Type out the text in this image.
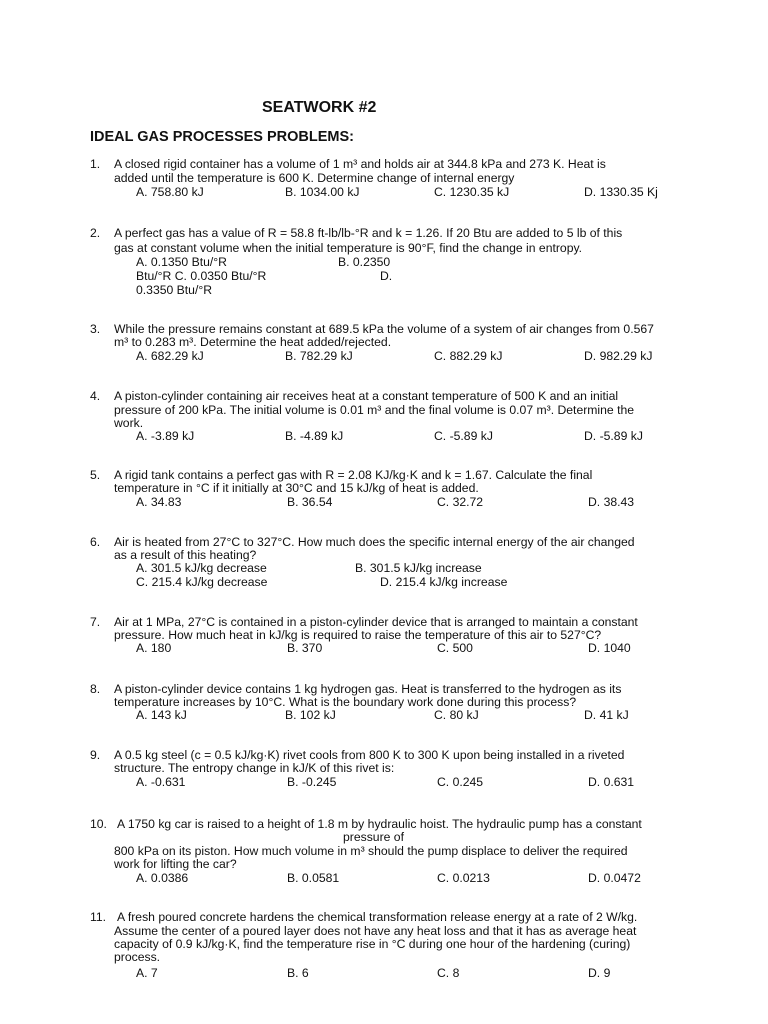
SEATWORK #2
IDEAL GAS PROCESSES PROBLEMS:
1. A closed rigid container has a volume of 1 m³ and holds air at 344.8 kPa and 273 K. Heat is
added until the temperature is 600 K. Determine change of internal energy
A. 758.80 kJ	B. 1034.00 kJ	C. 1230.35 kJ	D. 1330.35 Kj
2. A perfect gas has a value of R = 58.8 ft-lb/lb-°R and k = 1.26. If 20 Btu are added to 5 lb of this
gas at constant volume when the initial temperature is 90°F, find the change in entropy.
A. 0.1350 Btu/°R	B. 0.2350
Btu/°R C. 0.0350 Btu/°R	D.
0.3350 Btu/°R
3. While the pressure remains constant at 689.5 kPa the volume of a system of air changes from 0.567
m³ to 0.283 m³. Determine the heat added/rejected.
A. 682.29 kJ	B. 782.29 kJ	C. 882.29 kJ	D. 982.29 kJ
4. A piston-cylinder containing air receives heat at a constant temperature of 500 K and an initial
pressure of 200 kPa. The initial volume is 0.01 m³ and the final volume is 0.07 m³. Determine the
work.
A. -3.89 kJ	B. -4.89 kJ	C. -5.89 kJ	D. -5.89 kJ
5. A rigid tank contains a perfect gas with R = 2.08 KJ/kg·K and k = 1.67. Calculate the final
temperature in °C if it initially at 30°C and 15 kJ/kg of heat is added.
A. 34.83	B. 36.54	C. 32.72	D. 38.43
6. Air is heated from 27°C to 327°C. How much does the specific internal energy of the air changed
as a result of this heating?
A. 301.5 kJ/kg decrease	B. 301.5 kJ/kg increase
C. 215.4 kJ/kg decrease	D. 215.4 kJ/kg increase
7. Air at 1 MPa, 27°C is contained in a piston-cylinder device that is arranged to maintain a constant
pressure. How much heat in kJ/kg is required to raise the temperature of this air to 527°C?
A. 180	B. 370	C. 500	D. 1040
8. A piston-cylinder device contains 1 kg hydrogen gas. Heat is transferred to the hydrogen as its
temperature increases by 10°C. What is the boundary work done during this process?
A. 143 kJ	B. 102 kJ	C. 80 kJ	D. 41 kJ
9. A 0.5 kg steel (c = 0.5 kJ/kg·K) rivet cools from 800 K to 300 K upon being installed in a riveted
structure. The entropy change in kJ/K of this rivet is:
A. -0.631	B. -0.245	C. 0.245	D. 0.631
10. A 1750 kg car is raised to a height of 1.8 m by hydraulic hoist. The hydraulic pump has a constant
pressure of
800 kPa on its piston. How much volume in m³ should the pump displace to deliver the required
work for lifting the car?
A. 0.0386	B. 0.0581	C. 0.0213	D. 0.0472
11. A fresh poured concrete hardens the chemical transformation release energy at a rate of 2 W/kg.
Assume the center of a poured layer does not have any heat loss and that it has as average heat
capacity of 0.9 kJ/kg·K, find the temperature rise in °C during one hour of the hardening (curing)
process.
A. 7	B. 6	C. 8	D. 9
